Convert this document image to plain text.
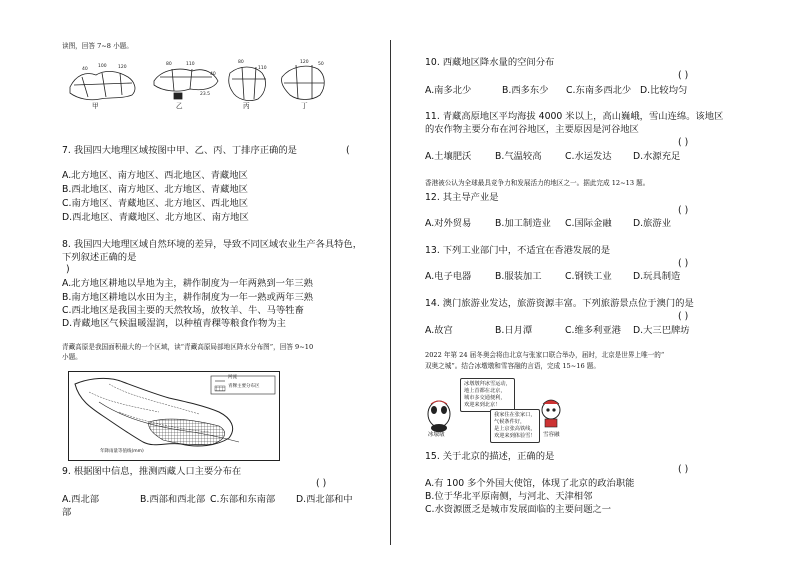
读图，回答 7~8 小题。
40
100	120
80	110
40
80
110
120 50
23.5
甲	乙	丙	丁
7. 我国四大地理区域按图中甲、乙、丙、丁排序正确的是	(
A.北方地区、南方地区、西北地区、青藏地区
B.西北地区、南方地区、北方地区、青藏地区
C.南方地区、青藏地区、北方地区、西北地区
D.西北地区、青藏地区、北方地区、南方地区
8. 我国四大地理区域自然环境的差异，导致不同区域农业生产各具特色，
下列叙述正确的是
)
A.北方地区耕地以旱地为主，耕作制度为一年两熟到一年三熟
B.南方地区耕地以水田为主，耕作制度为一年一熟或两年三熟
C.西北地区是我国主要的天然牧场，放牧羊、牛、马等牲畜
D.青藏地区气候温暖湿润，以种植青稞等粮食作物为主
青藏高原是我国面积最大的一个区域，读“青藏高原局部地区降水分布图”，回答 9~10
小题。
河流
青稞主要分布区
年降雨量等值线(mm)
9. 根据图中信息，推测西藏人口主要分布在
( )
A.西北部	B.西部和西北部 C.东部和东南部 D.西北部和中
部
10. 西藏地区降水量的空间分布
( )
A.南多北少	B.西多东少 C.东南多西北少 D.比较均匀
11. 青藏高原地区平均海拔 4000 米以上，高山巍峨，雪山连绵。该地区
的农作物主要分布在河谷地区，主要原因是河谷地区
( )
A.土壤肥沃	B.气温较高	C.水运发达 D.水源充足
香港被公认为全球最具竞争力和发展活力的地区之一。据此完成 12~13 题。
12. 其主导产业是
( )
A.对外贸易	B.加工制造业 C.国际金融 D.旅游业
13. 下列工业部门中，不适宜在香港发展的是
( )
A.电子电器	B.服装加工	C.钢铁工业 D.玩具制造
14. 澳门旅游业发达，旅游资源丰富。下列旅游景点位于澳门的是
( )
A.故宫	B.日月潭	C.维多利亚港 D.大三巴牌坊
2022 年第 24 届冬奥会将由北京与张家口联合举办，届时，北京是世界上唯一的“
双奥之城”。结合冰墩墩和雪容融的言语，完成 15~16 题。
冰墩墩拜冰雪运动，
地上首都在北京，
城市多交通便利，
欢迎来到北京！
我家住在张家口，
气候条件好，
是上京张高铁线，
欢迎来到体验雪！
冰墩墩	雪容融
15. 关于北京的描述，正确的是
( )
A.有 100 多个外国大使馆，体现了北京的政治职能
B.位于华北平原南侧，与河北、天津相邻
C.水资源匮乏是城市发展面临的主要问题之一
